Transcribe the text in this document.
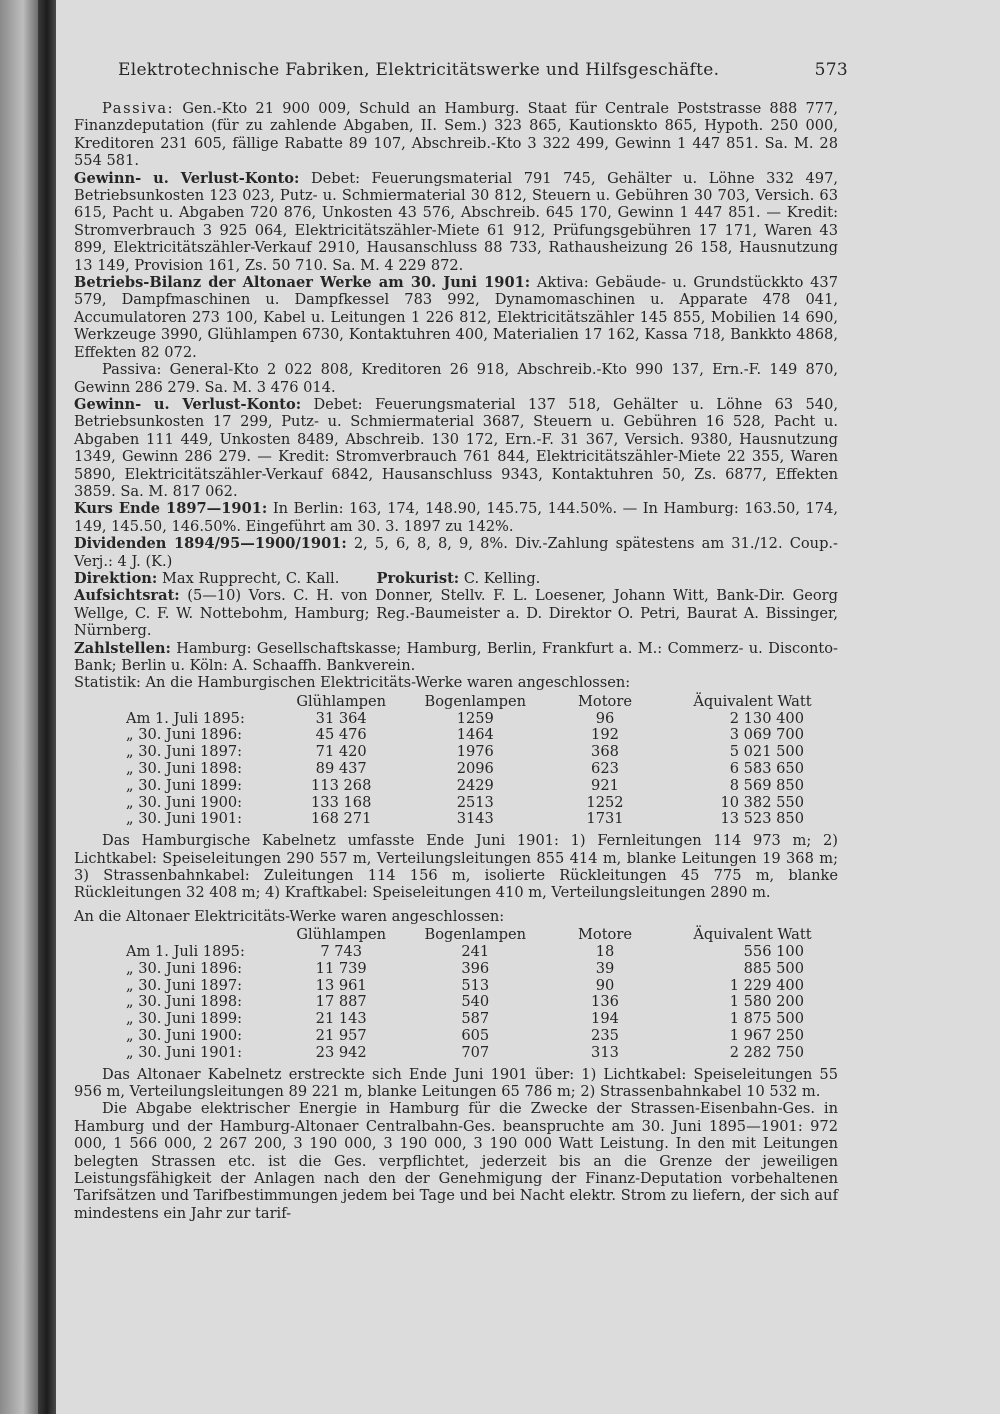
Elektrotechnische Fabriken, Elektricitätswerke und Hilfsgeschäfte.	573

Passiva: Gen.-Kto 21 900 009, Schuld an Hamburg. Staat für Centrale Poststrasse 888 777, Finanzdeputation (für zu zahlende Abgaben, II. Sem.) 323 865, Kautionskto 865, Hypoth. 250 000, Kreditoren 231 605, fällige Rabatte 89 107, Abschreib.-Kto 3 322 499, Gewinn 1 447 851. Sa. M. 28 554 581.

Gewinn- u. Verlust-Konto: Debet: Feuerungsmaterial 791 745, Gehälter u. Löhne 332 497, Betriebsunkosten 123 023, Putz- u. Schmiermaterial 30 812, Steuern u. Gebühren 30 703, Versich. 63 615, Pacht u. Abgaben 720 876, Unkosten 43 576, Abschreib. 645 170, Gewinn 1 447 851. — Kredit: Stromverbrauch 3 925 064, Elektricitätszähler-Miete 61 912, Prüfungsgebühren 17 171, Waren 43 899, Elektricitätszähler-Verkauf 2910, Hausanschluss 88 733, Rathausheizung 26 158, Hausnutzung 13 149, Provision 161, Zs. 50 710. Sa. M. 4 229 872.

Betriebs-Bilanz der Altonaer Werke am 30. Juni 1901: Aktiva: Gebäude- u. Grundstückkto 437 579, Dampfmaschinen u. Dampfkessel 783 992, Dynamomaschinen u. Apparate 478 041, Accumulatoren 273 100, Kabel u. Leitungen 1 226 812, Elektricitätszähler 145 855, Mobilien 14 690, Werkzeuge 3990, Glühlampen 6730, Kontaktuhren 400, Materialien 17 162, Kassa 718, Bankkto 4868, Effekten 82 072.

Passiva: General-Kto 2 022 808, Kreditoren 26 918, Abschreib.-Kto 990 137, Ern.-F. 149 870, Gewinn 286 279. Sa. M. 3 476 014.

Gewinn- u. Verlust-Konto: Debet: Feuerungsmaterial 137 518, Gehälter u. Löhne 63 540, Betriebsunkosten 17 299, Putz- u. Schmiermaterial 3687, Steuern u. Gebühren 16 528, Pacht u. Abgaben 111 449, Unkosten 8489, Abschreib. 130 172, Ern.-F. 31 367, Versich. 9380, Hausnutzung 1349, Gewinn 286 279. — Kredit: Stromverbrauch 761 844, Elektricitätszähler-Miete 22 355, Waren 5890, Elektricitätszähler-Verkauf 6842, Hausanschluss 9343, Kontaktuhren 50, Zs. 6877, Effekten 3859. Sa. M. 817 062.

Kurs Ende 1897—1901: In Berlin: 163, 174, 148.90, 145.75, 144.50%. — In Hamburg: 163.50, 174, 149, 145.50, 146.50%. Eingeführt am 30. 3. 1897 zu 142%.

Dividenden 1894/95—1900/1901: 2, 5, 6, 8, 8, 9, 8%. Div.-Zahlung spätestens am 31./12. Coup.-Verj.: 4 J. (K.)

Direktion: Max Rupprecht, C. Kall.	Prokurist: C. Kelling.

Aufsichtsrat: (5—10) Vors. C. H. von Donner, Stellv. F. L. Loesener, Johann Witt, Bank-Dir. Georg Wellge, C. F. W. Nottebohm, Hamburg; Reg.-Baumeister a. D. Direktor O. Petri, Baurat A. Bissinger, Nürnberg.

Zahlstellen: Hamburg: Gesellschaftskasse; Hamburg, Berlin, Frankfurt a. M.: Commerz- u. Disconto-Bank; Berlin u. Köln: A. Schaaffh. Bankverein.

Statistik: An die Hamburgischen Elektricitäts-Werke waren angeschlossen:

	Glühlampen	Bogenlampen	Motore	Äquivalent Watt
Am 1. Juli 1895:	31 364	1259	96	2 130 400
„ 30. Juni 1896:	45 476	1464	192	3 069 700
„ 30. Juni 1897:	71 420	1976	368	5 021 500
„ 30. Juni 1898:	89 437	2096	623	6 583 650
„ 30. Juni 1899:	113 268	2429	921	8 569 850
„ 30. Juni 1900:	133 168	2513	1252	10 382 550
„ 30. Juni 1901:	168 271	3143	1731	13 523 850

Das Hamburgische Kabelnetz umfasste Ende Juni 1901: 1) Fernleitungen 114 973 m; 2) Lichtkabel: Speiseleitungen 290 557 m, Verteilungsleitungen 855 414 m, blanke Leitungen 19 368 m; 3) Strassenbahnkabel: Zuleitungen 114 156 m, isolierte Rückleitungen 45 775 m, blanke Rückleitungen 32 408 m; 4) Kraftkabel: Speiseleitungen 410 m, Verteilungsleitungen 2890 m.

An die Altonaer Elektricitäts-Werke waren angeschlossen:

	Glühlampen	Bogenlampen	Motore	Äquivalent Watt
Am 1. Juli 1895:	7 743	241	18	556 100
„ 30. Juni 1896:	11 739	396	39	885 500
„ 30. Juni 1897:	13 961	513	90	1 229 400
„ 30. Juni 1898:	17 887	540	136	1 580 200
„ 30. Juni 1899:	21 143	587	194	1 875 500
„ 30. Juni 1900:	21 957	605	235	1 967 250
„ 30. Juni 1901:	23 942	707	313	2 282 750

Das Altonaer Kabelnetz erstreckte sich Ende Juni 1901 über: 1) Lichtkabel: Speiseleitungen 55 956 m, Verteilungsleitungen 89 221 m, blanke Leitungen 65 786 m; 2) Strassenbahnkabel 10 532 m.

Die Abgabe elektrischer Energie in Hamburg für die Zwecke der Strassen-Eisenbahn-Ges. in Hamburg und der Hamburg-Altonaer Centralbahn-Ges. beanspruchte am 30. Juni 1895—1901: 972 000, 1 566 000, 2 267 200, 3 190 000, 3 190 000, 3 190 000 Watt Leistung. In den mit Leitungen belegten Strassen etc. ist die Ges. verpflichtet, jederzeit bis an die Grenze der jeweiligen Leistungsfähigkeit der Anlagen nach den der Genehmigung der Finanz-Deputation vorbehaltenen Tarifsätzen und Tarifbestimmungen jedem bei Tage und bei Nacht elektr. Strom zu liefern, der sich auf mindestens ein Jahr zur tarif-
